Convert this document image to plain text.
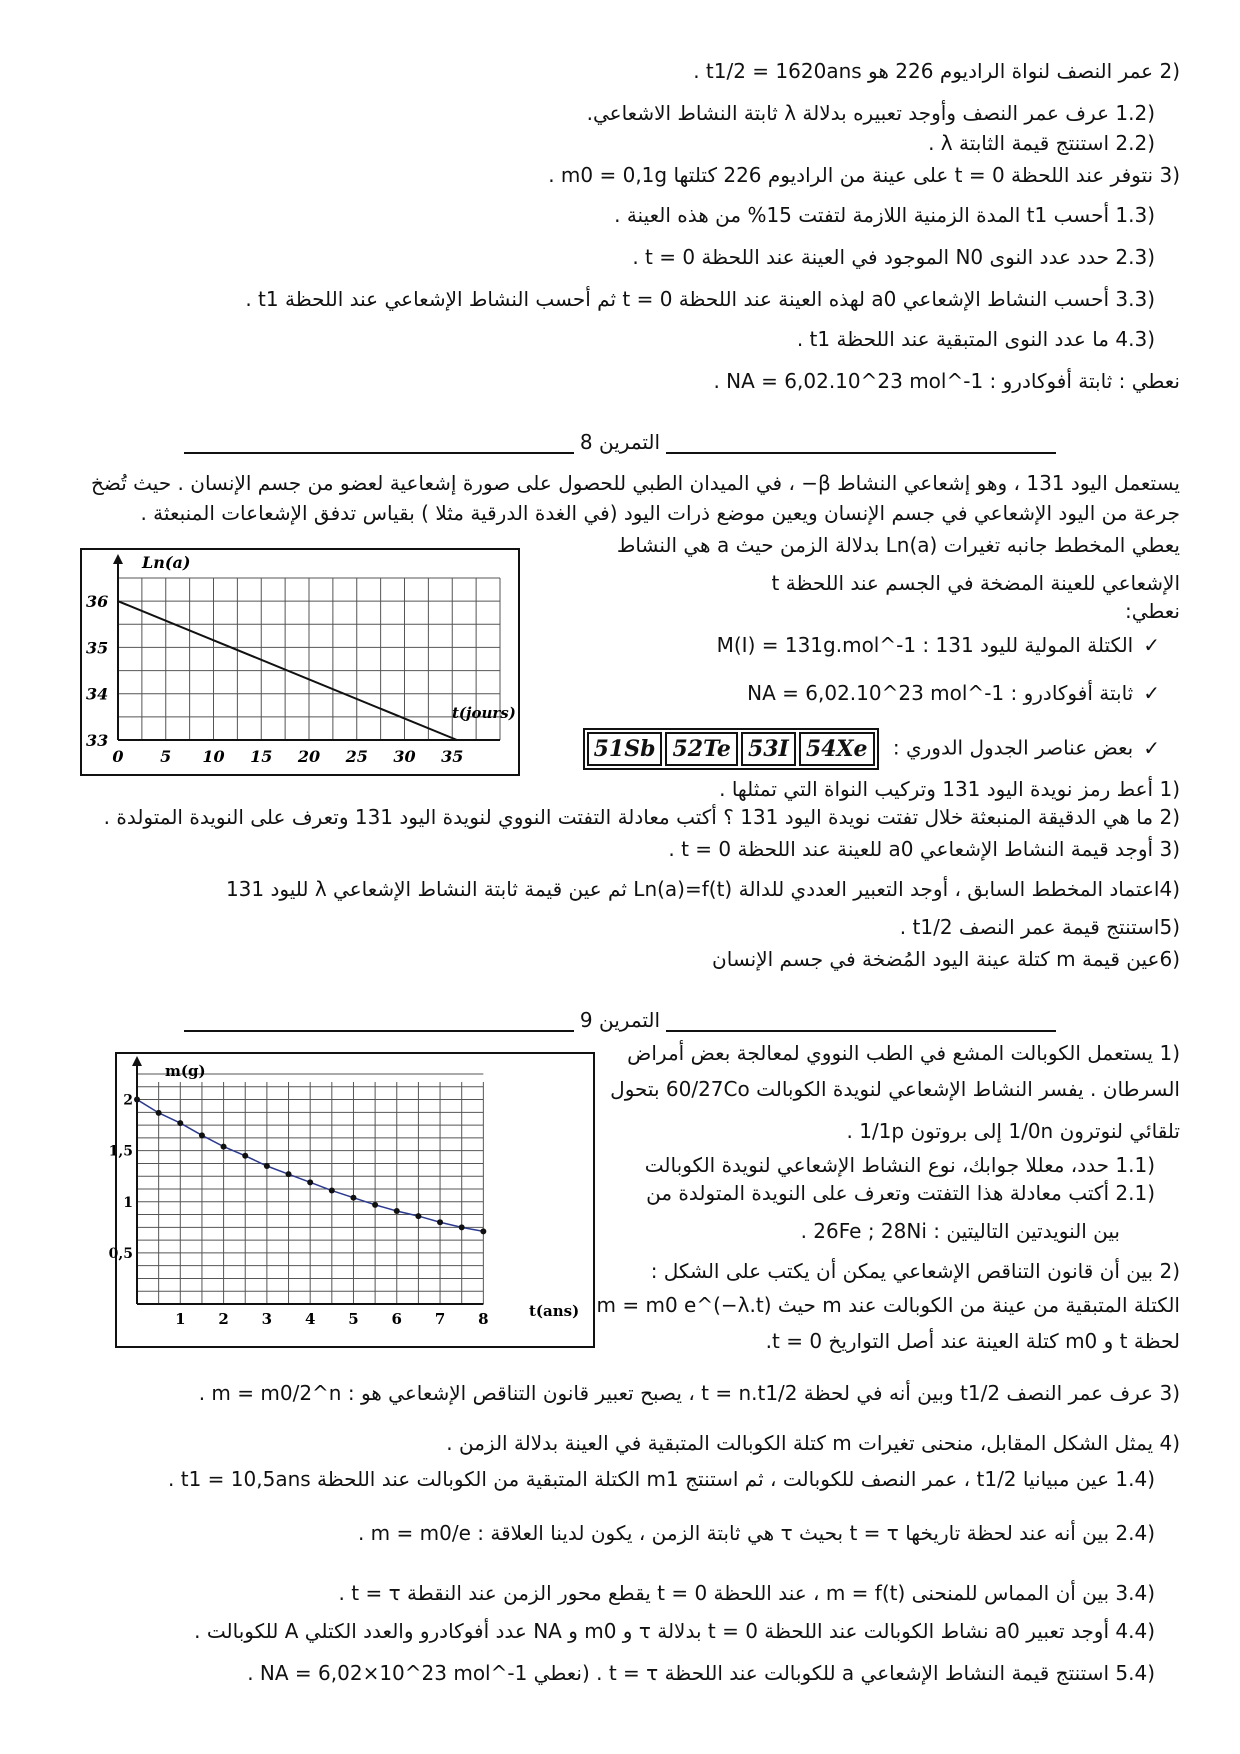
(2 عمر النصف لنواة الراديوم 226 هو t1/2 = 1620ans .
(1.2 عرف عمر النصف وأوجد تعبيره بدلالة λ ثابتة النشاط الاشعاعي.
(2.2 استنتج قيمة الثابتة λ .
(3 نتوفر عند اللحظة t = 0 على عينة من الراديوم 226 كتلتها m0 = 0,1g .
(1.3 أحسب t1 المدة الزمنية اللازمة لتفتت 15% من هذه العينة .
(2.3 حدد عدد النوى N0 الموجود في العينة عند اللحظة t = 0 .
(3.3 أحسب النشاط الإشعاعي a0 لهذه العينة عند اللحظة t = 0 ثم أحسب النشاط الإشعاعي عند اللحظة t1 .
(4.3 ما عدد النوى المتبقية عند اللحظة t1 .
نعطي : ثابتة أفوكادرو : NA = 6,02.10^23 mol^-1 .
التمرين 8
يستعمل اليود 131 ، وهو إشعاعي النشاط β− ، في الميدان الطبي للحصول على صورة إشعاعية لعضو من جسم الإنسان . حيث تُضخ
جرعة من اليود الإشعاعي في جسم الإنسان ويعين موضع ذرات اليود (في الغدة الدرقية مثلا ) بقياس تدفق الإشعاعات المنبعثة .
يعطي المخطط جانبه تغيرات Ln(a) بدلالة الزمن حيث a هي النشاط
الإشعاعي للعينة المضخة في الجسم عند اللحظة t
نعطي:
✓الكتلة المولية لليود 131 : M(I) = 131g.mol^-1
✓ثابتة أفوكادرو : NA = 6,02.10^23 mol^-1
✓بعض عناصر الجدول الدوري :
51Sb 52Te 53I 54Xe
0 5 10 15 20 25 30 35
33
34
35
36
Ln(a)
t(jours)
(1 أعط رمز نويدة اليود 131 وتركيب النواة التي تمثلها .
(2 ما هي الدقيقة المنبعثة خلال تفتت نويدة اليود 131 ؟ أكتب معادلة التفتت النووي لنويدة اليود 131 وتعرف على النويدة المتولدة .
(3 أوجد قيمة النشاط الإشعاعي a0 للعينة عند اللحظة t = 0 .
(4اعتماد المخطط السابق ، أوجد التعبير العددي للدالة Ln(a)=f(t) ثم عين قيمة ثابتة النشاط الإشعاعي λ لليود 131
(5استنتج قيمة عمر النصف t1/2 .
(6عين قيمة m كتلة عينة اليود المُضخة في جسم الإنسان
التمرين 9
(1 يستعمل الكوبالت المشع في الطب النووي لمعالجة بعض أمراض
السرطان . يفسر النشاط الإشعاعي لنويدة الكوبالت 60/27Co بتحول
تلقائي لنوترون 1/0n إلى بروتون 1/1p .
(1.1 حدد، معللا جوابك، نوع النشاط الإشعاعي لنويدة الكوبالت
(2.1 أكتب معادلة هذا التفتت وتعرف على النويدة المتولدة من
بين النويدتين التاليتين : 26Fe ; 28Ni .
(2 بين أن قانون التناقص الإشعاعي يمكن أن يكتب على الشكل :
m = m0 e^(−λ.t) حيث m الكتلة المتبقية من عينة من الكوبالت عند
لحظة t و m0 كتلة العينة عند أصل التواريخ t = 0.
1 2 3 4 5 6 7 8
0,5
1
1,5
2
m(g)
t(ans)
(3 عرف عمر النصف t1/2 وبين أنه في لحظة t = n.t1/2 ، يصبح تعبير قانون التناقص الإشعاعي هو : m = m0/2^n .
(4 يمثل الشكل المقابل، منحنى تغيرات m كتلة الكوبالت المتبقية في العينة بدلالة الزمن .
(1.4 عين مبيانيا t1/2 ، عمر النصف للكوبالت ، ثم استنتج m1 الكتلة المتبقية من الكوبالت عند اللحظة t1 = 10,5ans .
(2.4 بين أنه عند لحظة تاريخها t = τ بحيث τ هي ثابتة الزمن ، يكون لدينا العلاقة : m = m0/e .
(3.4 بين أن المماس للمنحنى m = f(t) ، عند اللحظة t = 0 يقطع محور الزمن عند النقطة t = τ .
(4.4 أوجد تعبير a0 نشاط الكوبالت عند اللحظة t = 0 بدلالة τ و m0 و NA عدد أفوكادرو والعدد الكتلي A للكوبالت .
(5.4 استنتج قيمة النشاط الإشعاعي a للكوبالت عند اللحظة t = τ . (نعطي NA = 6,02×10^23 mol^-1 .
